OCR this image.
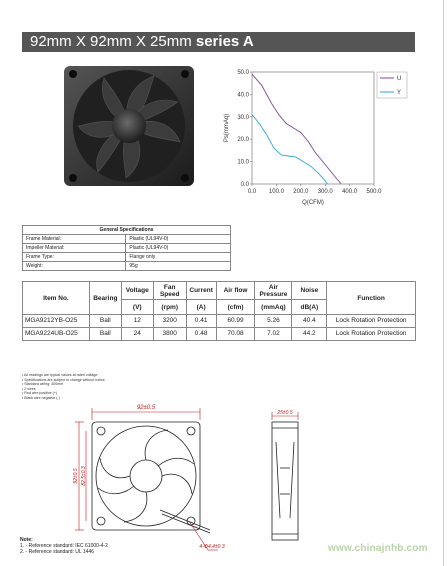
92mm X 92mm X 25mm series A
0.0
10.0
20.0
30.0
40.0
50.0
0.0 100.0 200.0 300.0 400.0 500.0
Q(CFM)
Ps(mmAq)
U
Y
General Specifications	
Frame Material:	Plastic (UL94V-0)
Impeller Material:	Plastic (UL94V-0)
Frame Type:	Flange only
Weight:	95g
Item No.	Bearing	Voltage	Fan Speed	Current	Air flow	Air Pressure	Noise	Function
		(V)	(rpm)	(A)	(cfm)	(mmAq)	dB(A)	
MGA9212YB-O25	Ball	12	3200	0.41	60.99	5.26	40.4	Lock Rotation Protection
MGA9224UB-O25	Ball	24	3800	0.48	70.08	7.02	44.2	Lock Rotation Protection
• All readings are typical values at rated voltage.
• Specifications are subject to change without notice.
• Standard wiring: 300mm
• 2 wires
• Red wire positive (+)
• Black wire negative (-)
92±0.5
92±0.5 82.5±0.3
4-Φ4.4±0.3
25±0.5
Note:
1. - Reference standard: IEC 61000-4-2
2. - Reference standard: UL 1446	www.chinajnhb.com
